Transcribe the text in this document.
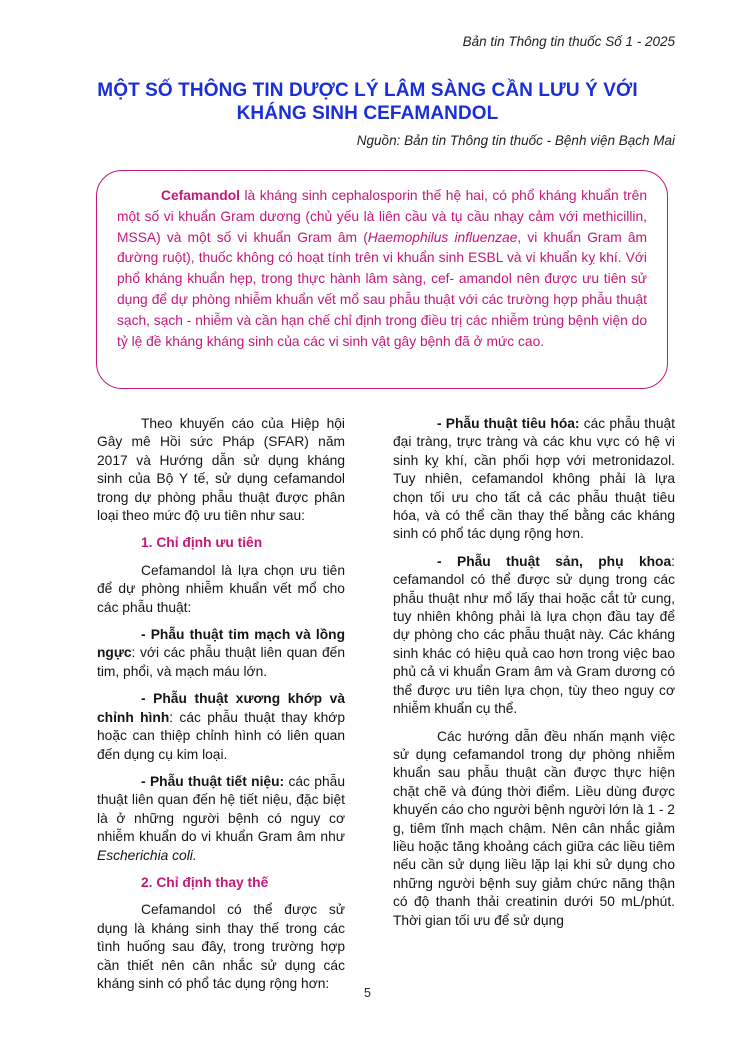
Bản tin Thông tin thuốc Số 1 - 2025
MỘT SỐ THÔNG TIN DƯỢC LÝ LÂM SÀNG CẦN LƯU Ý VỚI
KHÁNG SINH CEFAMANDOL
Nguồn: Bản tin Thông tin thuốc - Bệnh viện Bạch Mai

Cefamandol là kháng sinh cephalosporin thế hệ hai, có phổ kháng khuẩn trên một số vi khuẩn Gram dương (chủ yếu là liên cầu và tụ cầu nhạy cảm với methicillin, MSSA) và một số vi khuẩn Gram âm (Haemophilus influenzae, vi khuẩn Gram âm đường ruột), thuốc không có hoạt tính trên vi khuẩn sinh ESBL và vi khuẩn kỵ khí. Với phổ kháng khuẩn hẹp, trong thực hành lâm sàng, cef- amandol nên được ưu tiên sử dụng để dự phòng nhiễm khuẩn vết mổ sau phẫu thuật với các trường hợp phẫu thuật sạch, sạch - nhiễm và cần hạn chế chỉ định trong điều trị các nhiễm trùng bệnh viện do tỷ lệ đề kháng kháng sinh của các vi sinh vật gây bệnh đã ở mức cao.

Theo khuyến cáo của Hiệp hội Gây mê Hồi sức Pháp (SFAR) năm 2017 và Hướng dẫn sử dụng kháng sinh của Bộ Y tế, sử dụng cefamandol trong dự phòng phẫu thuật được phân loại theo mức độ ưu tiên như sau:

1. Chỉ định ưu tiên

Cefamandol là lựa chọn ưu tiên để dự phòng nhiễm khuẩn vết mổ cho các phẫu thuật:

- Phẫu thuật tim mạch và lồng ngực: với các phẫu thuật liên quan đến tim, phổi, và mạch máu lớn.

- Phẫu thuật xương khớp và chỉnh hình: các phẫu thuật thay khớp hoặc can thiệp chỉnh hình có liên quan đến dụng cụ kim loại.

- Phẫu thuật tiết niệu: các phẫu thuật liên quan đến hệ tiết niệu, đặc biệt là ở những người bệnh có nguy cơ nhiễm khuẩn do vi khuẩn Gram âm như Escherichia coli.

2. Chỉ định thay thế

Cefamandol có thể được sử dụng là kháng sinh thay thế trong các tình huống sau đây, trong trường hợp cần thiết nên cân nhắc sử dụng các kháng sinh có phổ tác dụng rộng hơn:

- Phẫu thuật tiêu hóa: các phẫu thuật đại tràng, trực tràng và các khu vực có hệ vi sinh kỵ khí, cần phối hợp với metronidazol. Tuy nhiên, cefamandol không phải là lựa chọn tối ưu cho tất cả các phẫu thuật tiêu hóa, và có thể cần thay thế bằng các kháng sinh có phổ tác dụng rộng hơn.

- Phẫu thuật sản, phụ khoa: cefamandol có thể được sử dụng trong các phẫu thuật như mổ lấy thai hoặc cắt tử cung, tuy nhiên không phải là lựa chọn đầu tay để dự phòng cho các phẫu thuật này. Các kháng sinh khác có hiệu quả cao hơn trong việc bao phủ cả vi khuẩn Gram âm và Gram dương có thể được ưu tiên lựa chọn, tùy theo nguy cơ nhiễm khuẩn cụ thể.

Các hướng dẫn đều nhấn mạnh việc sử dụng cefamandol trong dự phòng nhiễm khuẩn sau phẫu thuật cần được thực hiện chặt chẽ và đúng thời điểm. Liều dùng được khuyến cáo cho người bệnh người lớn là 1 - 2 g, tiêm tĩnh mạch chậm. Nên cân nhắc giảm liều hoặc tăng khoảng cách giữa các liều tiêm nếu cần sử dụng liều lặp lại khi sử dụng cho những người bệnh suy giảm chức năng thận có độ thanh thải creatinin dưới 50 mL/phút. Thời gian tối ưu để sử dụng

5
